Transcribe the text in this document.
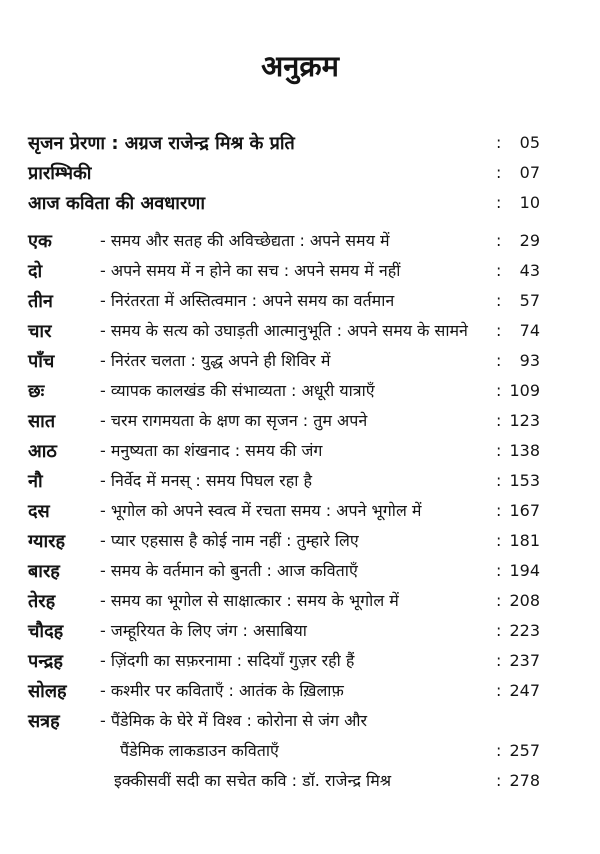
अनुक्रम
सृजन प्रेरणा : अग्रज राजेन्द्र मिश्र के प्रति	: 05
प्रारम्भिकी	: 07
आज कविता की अवधारणा	: 10
एक	- समय और सतह की अविच्छेद्यता : अपने समय में	: 29
दो	- अपने समय में न होने का सच : अपने समय में नहीं	: 43
तीन	- निरंतरता में अस्तित्वमान : अपने समय का वर्तमान	: 57
चार	- समय के सत्य को उघाड़ती आत्मानुभूति : अपने समय के सामने	: 74
पाँच	- निरंतर चलता : युद्ध अपने ही शिविर में	: 93
छः	- व्यापक कालखंड की संभाव्यता : अधूरी यात्राएँ	: 109
सात	- चरम रागमयता के क्षण का सृजन : तुम अपने	: 123
आठ	- मनुष्यता का शंखनाद : समय की जंग	: 138
नौ	- निर्वेद में मनस् : समय पिघल रहा है	: 153
दस	- भूगोल को अपने स्वत्व में रचता समय : अपने भूगोल में	: 167
ग्यारह	- प्यार एहसास है कोई नाम नहीं : तुम्हारे लिए	: 181
बारह	- समय के वर्तमान को बुनती : आज कविताएँ	: 194
तेरह	- समय का भूगोल से साक्षात्कार : समय के भूगोल में	: 208
चौदह	- जम्हूरियत के लिए जंग : असाबिया	: 223
पन्द्रह	- ज़िंदगी का सफ़रनामा : सदियाँ गुज़र रही हैं	: 237
सोलह	- कश्मीर पर कविताएँ : आतंक के ख़िलाफ़	: 247
सत्रह	- पैंडेमिक के घेरे में विश्व : कोरोना से जंग और
पैंडेमिक लाकडाउन कविताएँ	: 257
इक्कीसवीं सदी का सचेत कवि : डॉ. राजेन्द्र मिश्र	: 278
